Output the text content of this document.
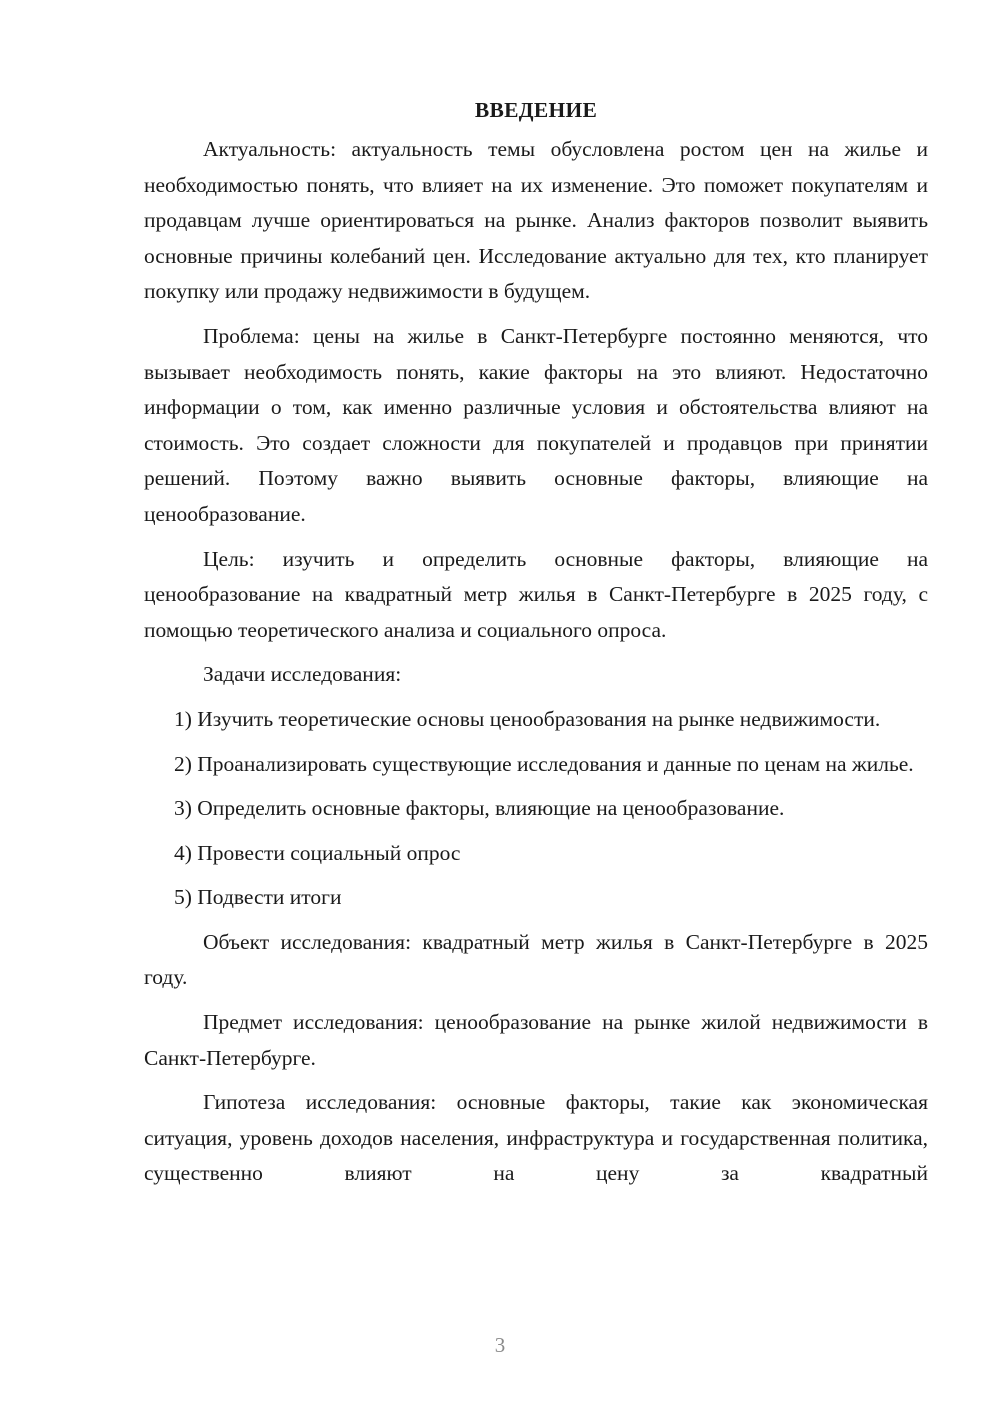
ВВЕДЕНИЕ

Актуальность: актуальность темы обусловлена ростом цен на жилье и необходимостью понять, что влияет на их изменение. Это поможет покупателям и продавцам лучше ориентироваться на рынке. Анализ факторов позволит выявить основные причины колебаний цен. Исследование актуально для тех, кто планирует покупку или продажу недвижимости в будущем.

Проблема: цены на жилье в Санкт-Петербурге постоянно меняются, что вызывает необходимость понять, какие факторы на это влияют. Недостаточно информации о том, как именно различные условия и обстоятельства влияют на стоимость. Это создает сложности для покупателей и продавцов при принятии решений. Поэтому важно выявить основные факторы, влияющие на ценообразование.

Цель: изучить и определить основные факторы, влияющие на ценообразование на квадратный метр жилья в Санкт-Петербурге в 2025 году, с помощью теоретического анализа и социального опроса.

Задачи исследования:

1) Изучить теоретические основы ценообразования на рынке недвижимости.

2) Проанализировать существующие исследования и данные по ценам на жилье.

3) Определить основные факторы, влияющие на ценообразование.

4) Провести социальный опрос

5) Подвести итоги

Объект исследования: квадратный метр жилья в Санкт-Петербурге в 2025 году.

Предмет исследования: ценообразование на рынке жилой недвижимости в Санкт-Петербурге.

Гипотеза исследования: основные факторы, такие как экономическая ситуация, уровень доходов населения, инфраструктура и государственная политика, существенно влияют на цену за квадратный

3
